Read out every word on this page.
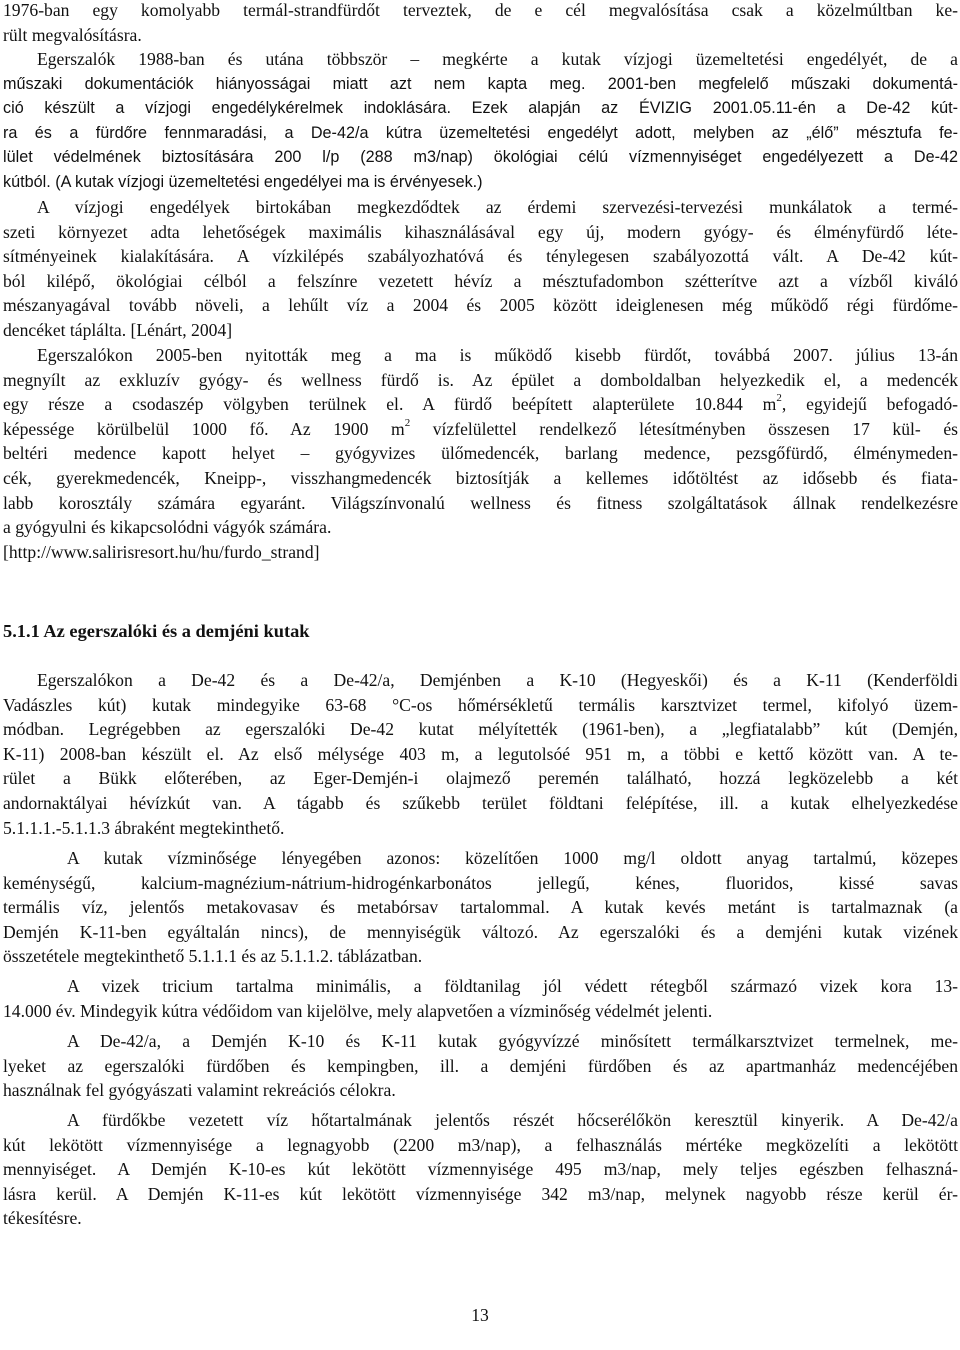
1976-ban egy komolyabb termál-strandfürdőt terveztek, de e cél megvalósítása csak a közelmúltban ke-
rült megvalósításra.
Egerszalók 1988-ban és utána többször – megkérte a kutak vízjogi üzemeltetési engedélyét, de a
műszaki dokumentációk hiányosságai miatt azt nem kapta meg. 2001-ben megfelelő műszaki dokumentá-
ció készült a vízjogi engedélykérelmek indoklására. Ezek alapján az ÉVIZIG 2001.05.11-én a De-42 kút-
ra és a fürdőre fennmaradási, a De-42/a kútra üzemeltetési engedélyt adott, melyben az „élő” mésztufa fe-
lület védelmének biztosítására 200 l/p (288 m3/nap) ökológiai célú vízmennyiséget engedélyezett a De-42
kútból. (A kutak vízjogi üzemeltetési engedélyei ma is érvényesek.)
A vízjogi engedélyek birtokában megkezdődtek az érdemi szervezési-tervezési munkálatok a termé-
szeti környezet adta lehetőségek maximális kihasználásával egy új, modern gyógy- és élményfürdő léte-
sítményeinek kialakítására. A vízkilépés szabályozhatóvá és ténylegesen szabályozottá vált. A De-42 kút-
ból kilépő, ökológiai célból a felszínre vezetett hévíz a mésztufadombon szétterítve azt a vízből kiváló
mészanyagával tovább növeli, a lehűlt víz a 2004 és 2005 között ideiglenesen még működő régi fürdőme-
dencéket táplálta. [Lénárt, 2004]
Egerszalókon 2005-ben nyitották meg a ma is működő kisebb fürdőt, továbbá 2007. július 13-án
megnyílt az exkluzív gyógy- és wellness fürdő is. Az épület a domboldalban helyezkedik el, a medencék
egy része a csodaszép völgyben terülnek el. A fürdő beépített alapterülete 10.844 $m^2$, egyidejű befogadó-
képessége körülbelül 1000 fő. Az 1900 $m^2$ vízfelülettel rendelkező létesítményben összesen 17 kül- és
beltéri medence kapott helyet – gyógyvizes ülőmedencék, barlang medence, pezsgőfürdő, élménymeden-
cék, gyerekmedencék, Kneipp-, visszhangmedencék biztosítják a kellemes időtöltést az idősebb és fiata-
labb korosztály számára egyaránt. Világszínvonalú wellness és fitness szolgáltatások állnak rendelkezésre
a gyógyulni és kikapcsolódni vágyók számára.
[http://www.salirisresort.hu/hu/furdo_strand]
5.1.1 Az egerszalóki és a demjéni kutak
Egerszalókon a De-42 és a De-42/a, Demjénben a K-10 (Hegyeskői) és a K-11 (Kenderföldi
Vadászles kút) kutak mindegyike 63-68 °C-os hőmérsékletű termális karsztvizet termel, kifolyó üzem-
módban. Legrégebben az egerszalóki De-42 kutat mélyítették (1961-ben), a „legfiatalabb” kút (Demjén,
K-11) 2008-ban készült el. Az első mélysége 403 m, a legutolsóé 951 m, a többi e kettő között van. A te-
rület a Bükk előterében, az Eger-Demjén-i olajmező peremén található, hozzá legközelebb a két
andornaktályai hévízkút van. A tágabb és szűkebb terület földtani felépítése, ill. a kutak elhelyezkedése
5.1.1.1.-5.1.1.3 ábraként megtekinthető.
A kutak vízminősége lényegében azonos: közelítően 1000 mg/l oldott anyag tartalmú, közepes
keménységű, kalcium-magnézium-nátrium-hidrogénkarbonátos jellegű, kénes, fluoridos, kissé savas
termális víz, jelentős metakovasav és metabórsav tartalommal. A kutak kevés metánt is tartalmaznak (a
Demjén K-11-ben egyáltalán nincs), de mennyiségük változó. Az egerszalóki és a demjéni kutak vizének
összetétele megtekinthető 5.1.1.1 és az 5.1.1.2. táblázatban.
A vizek tricium tartalma minimális, a földtanilag jól védett rétegből származó vizek kora 13-
14.000 év. Mindegyik kútra védőidom van kijelölve, mely alapvetően a vízminőség védelmét jelenti.
A De-42/a, a Demjén K-10 és K-11 kutak gyógyvízzé minősített termálkarsztvizet termelnek, me-
lyeket az egerszalóki fürdőben és kempingben, ill. a demjéni fürdőben és az apartmanház medencéjében
használnak fel gyógyászati valamint rekreációs célokra.
A fürdőkbe vezetett víz hőtartalmának jelentős részét hőcserélőkön keresztül kinyerik. A De-42/a
kút lekötött vízmennyisége a legnagyobb (2200 m3/nap), a felhasználás mértéke megközelíti a lekötött
mennyiséget. A Demjén K-10-es kút lekötött vízmennyisége 495 m3/nap, mely teljes egészben felhaszná-
lásra kerül. A Demjén K-11-es kút lekötött vízmennyisége 342 m3/nap, melynek nagyobb része kerül ér-
tékesítésre.
13
